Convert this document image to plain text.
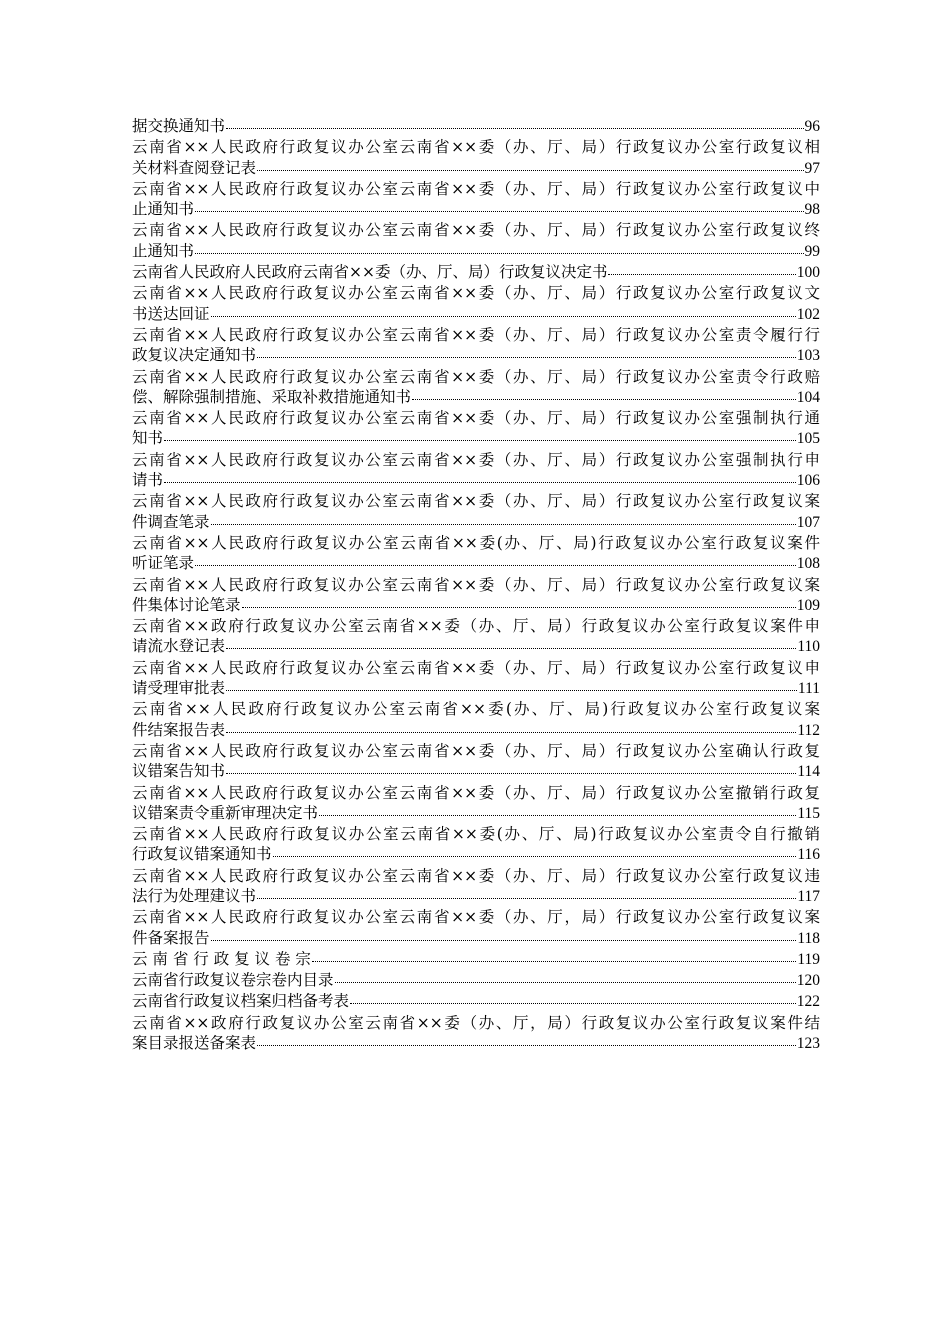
据交换通知书	96
云南省××人民政府行政复议办公室云南省××委（办、厅、局）行政复议办公室行政复议相
关材料查阅登记表	97
云南省××人民政府行政复议办公室云南省××委（办、厅、局）行政复议办公室行政复议中
止通知书	98
云南省××人民政府行政复议办公室云南省××委（办、厅、局）行政复议办公室行政复议终
止通知书	99
云南省人民政府人民政府云南省××委（办、厅、局）行政复议决定书	100
云南省××人民政府行政复议办公室云南省××委（办、厅、局）行政复议办公室行政复议文
书送达回证	102
云南省××人民政府行政复议办公室云南省××委（办、厅、局）行政复议办公室责令履行行
政复议决定通知书	103
云南省××人民政府行政复议办公室云南省××委（办、厅、局）行政复议办公室责令行政赔
偿、解除强制措施、采取补救措施通知书	104
云南省××人民政府行政复议办公室云南省××委（办、厅、局）行政复议办公室强制执行通
知书	105
云南省××人民政府行政复议办公室云南省××委（办、厅、局）行政复议办公室强制执行申
请书	106
云南省××人民政府行政复议办公室云南省××委（办、厅、局）行政复议办公室行政复议案
件调查笔录	107
云南省××人民政府行政复议办公室云南省××委(办、厅、局)行政复议办公室行政复议案件
听证笔录	108
云南省××人民政府行政复议办公室云南省××委（办、厅、局）行政复议办公室行政复议案
件集体讨论笔录	109
云南省××政府行政复议办公室云南省××委（办、厅、局）行政复议办公室行政复议案件申
请流水登记表	110
云南省××人民政府行政复议办公室云南省××委（办、厅、局）行政复议办公室行政复议申
请受理审批表	111
云南省××人民政府行政复议办公室云南省××委(办、厅、局)行政复议办公室行政复议案
件结案报告表	112
云南省××人民政府行政复议办公室云南省××委（办、厅、局）行政复议办公室确认行政复
议错案告知书	114
云南省××人民政府行政复议办公室云南省××委（办、厅、局）行政复议办公室撤销行政复
议错案责令重新审理决定书	115
云南省××人民政府行政复议办公室云南省××委(办、厅、局)行政复议办公室责令自行撤销
行政复议错案通知书	116
云南省××人民政府行政复议办公室云南省××委（办、厅、局）行政复议办公室行政复议违
法行为处理建议书	117
云南省××人民政府行政复议办公室云南省××委（办、厅，局）行政复议办公室行政复议案
件备案报告	118
云 南 省 行 政 复 议 卷 宗	119
云南省行政复议卷宗卷内目录	120
云南省行政复议档案归档备考表	122
云南省××政府行政复议办公室云南省××委（办、厅，局）行政复议办公室行政复议案件结
案目录报送备案表	123
